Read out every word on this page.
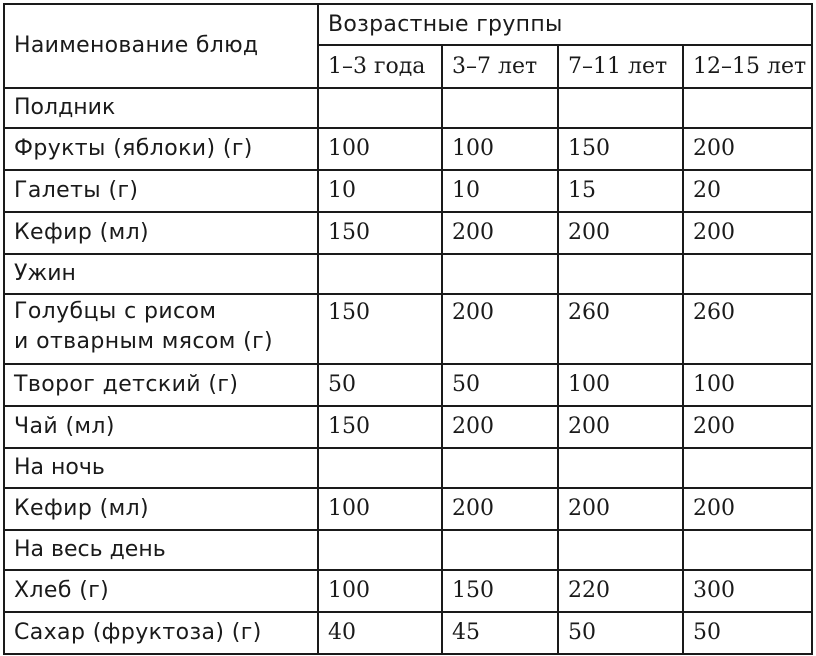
Наименование блюд	Возрастные группы			
	1–3 года	3–7 лет	7–11 лет	12–15 лет
Полдник				
Фрукты (яблоки) (г)	100	100	150	200
Галеты (г)	10	10	15	20
Кефир (мл)	150	200	200	200
Ужин				
Голубцы с рисом
и отварным мясом (г)	150	200	260	260
Творог детский (г)	50	50	100	100
Чай (мл)	150	200	200	200
На ночь				
Кефир (мл)	100	200	200	200
На весь день				
Хлеб (г)	100	150	220	300
Сахар (фруктоза) (г)	40	45	50	50
